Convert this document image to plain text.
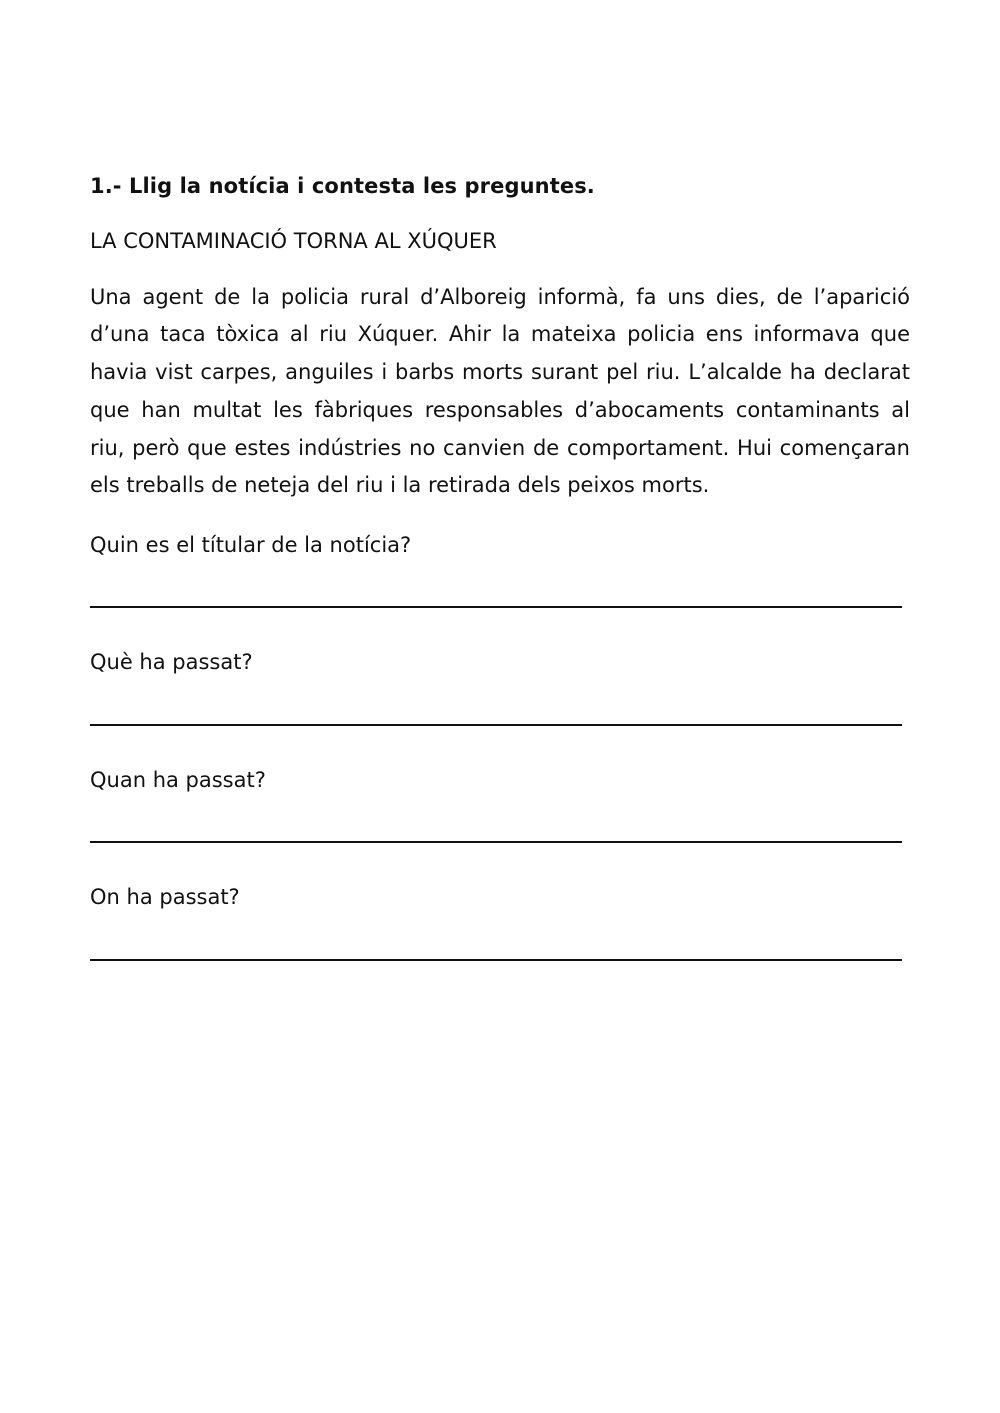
1.- Llig la notícia i contesta les preguntes.

LA CONTAMINACIÓ TORNA AL XÚQUER

Una agent de la policia rural d’Alboreig informà, fa uns dies, de l’aparició d’una taca tòxica al riu Xúquer. Ahir la mateixa policia ens informava que havia vist carpes, anguiles i barbs morts surant pel riu. L’alcalde ha declarat que han multat les fàbriques responsables d’abocaments contaminants al riu, però que estes indústries no canvien de comportament. Hui començaran els treballs de neteja del riu i la retirada dels peixos morts.

Quin es el títular de la notícia?

Què ha passat?

Quan ha passat?

On ha passat?
